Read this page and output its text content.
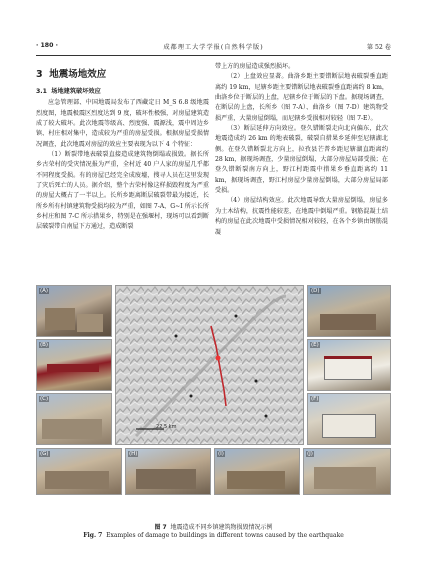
· 180 ·	成都理工大学学报(自然科学版)	第 52 卷
3 地震场地效应
3.1 场地建筑破坏效应

应急管理部、中国地震局发布了西藏定日 M_S 6.8 级地震烈度图，地震极震区烈度达到 9 度，破坏性极强，对房屋建筑造成了较大破坏。此次地震等级高、烈度强、震源浅，震中周边乡镇、村庄相对集中，造成较为严重的房屋受损。根据房屋受损情况调查，此次地震对房屋的效应主要表现为以下 4 个特征：

（1）断裂带地表破裂直接造成建筑物倒塌或损毁。据长所乡古荣村的受灾情况报为严重，全村近 40 户人家的房屋几乎都不同程度受损。有的房屋已经完全成废墟，搜寻人员在这里发现了灾后死亡的人员。据介绍，整个古荣村像这样损毁程度为严重的房屋大概占了一半以上。长所乡距离断层破裂带最为接近，长所乡所有村镇建筑物受损均较为严重，如图 7-A、G~I 所示长所乡村庄和图 7-C 所示措果乡，特别是在强堰村，现场可以看到断层破裂带自南屋下方通过，造成断裂

带上方的房屋造成强烈损坏。

（2）上盘效应显著。曲洛乡距主要错断层地表破裂垂直距离约 19 km，尼辖乡距主要错断层地表破裂垂直距离约 8 km，曲洛乡位于断层的上盘，尼辖乡位于断层的下盘。据现场调查，在断层的上盘，长所乡（图 7-A）、曲洛乡（图 7-D）建筑物受损严重，大量房屋倒塌，而尼辖乡受损相对较轻（图 7-E）。

（3）断层延伸方向效应。登久错断裂走向北向偏东，此次地震造成约 26 km 的地表破裂，破裂自措果乡延伸至尼辖湖北侧。在登久错断裂北方向上，拉孜县芒普乡距尼辖湖直距离约 28 km，据现场调查，少量房屋倒塌，大部分房屋局部受损；在登久错断裂南方向上，野江村距震中措果乡垂直距离约 11 km，据现场调查，野江村房屋少量房屋倒塌，大部分房屋局部受损。

（4）房屋结构效应。此次地震导致大量房屋倒塌，房屋多为土木结构，抗震性能较差，在地震中倒塌严重。钢筋混凝土结构的房屋在此次地震中受损情况相对较轻，在各个乡镇由钢筋混凝

(A)
(B)
(C)
22.5 km
(D)
(E)
(F)
(G)	(H)	(I)	(J)
图 7 地震造成不同乡镇建筑物损毁情况示例
Fig. 7 Examples of damage to buildings in different towns caused by the earthquake
